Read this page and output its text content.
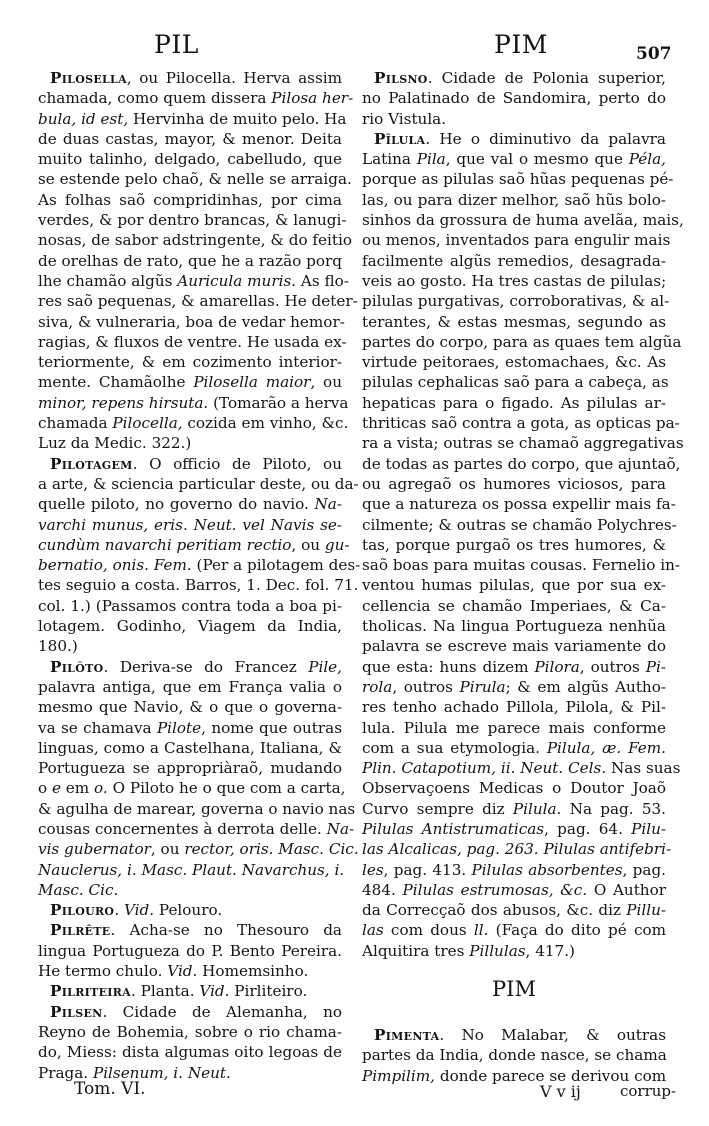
PIL	PIM	507
Pilosella, ou Pilocella. Herva assim
chamada, como quem dissera Pilosa her-
bula, id est, Hervinha de muito pelo. Ha
de duas castas, mayor, & menor. Deita
muito talinho, delgado, cabelludo, que
se estende pelo chaõ, & nelle se arraiga.
As folhas saõ compridinhas, por cima
verdes, & por dentro brancas, & lanugi-
nosas, de sabor adstringente, & do feitio
de orelhas de rato, que he a razão porq
lhe chamão algũs Auricula muris. As flo-
res saõ pequenas, & amarellas. He deter-
siva, & vulneraria, boa de vedar hemor-
ragias, & fluxos de ventre. He usada ex-
teriormente, & em cozimento interior-
mente. Chamãolhe Pilosella maior, ou
minor, repens hirsuta. (Tomarão a herva
chamada Pilocella, cozida em vinho, &c.
Luz da Medic. 322.)
Pilotagem. O officio de Piloto, ou
a arte, & sciencia particular deste, ou da-
quelle piloto, no governo do navio. Na-
varchi munus, eris. Neut. vel Navis se-
cundùm navarchi peritiam rectio, ou gu-
bernatio, onis. Fem. (Per a pilotagem des-
tes seguio a costa. Barros, 1. Dec. fol. 71.
col. 1.) (Passamos contra toda a boa pi-
lotagem. Godinho, Viagem da India,
180.)
Pilôto. Deriva-se do Francez Pile,
palavra antiga, que em França valia o
mesmo que Navio, & o que o governa-
va se chamava Pilote, nome que outras
linguas, como a Castelhana, Italiana, &
Portugueza se appropriàraõ, mudando
o e em o. O Piloto he o que com a carta,
& agulha de marear, governa o navio nas
cousas concernentes à derrota delle. Na-
vis gubernator, ou rector, oris. Masc. Cic.
Nauclerus, i. Masc. Plaut. Navarchus, i.
Masc. Cic.
Pilouro. Vid. Pelouro.
Pilrête. Acha-se no Thesouro da
lingua Portugueza do P. Bento Pereira.
He termo chulo. Vid. Homemsinho.
Pilriteira. Planta. Vid. Pirliteiro.
Pilsen. Cidade de Alemanha, no
Reyno de Bohemia, sobre o rio chama-
do, Miess: dista algumas oito legoas de
Praga. Pilsenum, i. Neut.
Pilsno. Cidade de Polonia superior,
no Palatinado de Sandomira, perto do
rio Vistula.
Pîlula. He o diminutivo da palavra
Latina Pila, que val o mesmo que Péla,
porque as pilulas saõ hũas pequenas pé-
las, ou para dizer melhor, saõ hũs bolo-
sinhos da grossura de huma avelãa, mais,
ou menos, inventados para engulir mais
facilmente algũs remedios, desagrada-
veis ao gosto. Ha tres castas de pilulas;
pilulas purgativas, corroborativas, & al-
terantes, & estas mesmas, segundo as
partes do corpo, para as quaes tem algũa
virtude peitoraes, estomachaes, &c. As
pilulas cephalicas saõ para a cabeça, as
hepaticas para o figado. As pilulas ar-
thriticas saõ contra a gota, as opticas pa-
ra a vista; outras se chamaõ aggregativas
de todas as partes do corpo, que ajuntaõ,
ou agregaõ os humores viciosos, para
que a natureza os possa expellir mais fa-
cilmente; & outras se chamão Polychres-
tas, porque purgaõ os tres humores, &
saõ boas para muitas cousas. Fernelio in-
ventou humas pilulas, que por sua ex-
cellencia se chamão Imperiaes, & Ca-
tholicas. Na lingua Portugueza nenhũa
palavra se escreve mais variamente do
que esta: huns dizem Pilora, outros Pi-
rola, outros Pirula; & em algũs Autho-
res tenho achado Pillola, Pilola, & Pil-
lula. Pilula me parece mais conforme
com a sua etymologia. Pilula, æ. Fem.
Plin. Catapotium, ii. Neut. Cels. Nas suas
Observaçoens Medicas o Doutor Joaõ
Curvo sempre diz Pilula. Na pag. 53.
Pilulas Antistrumaticas, pag. 64. Pilu-
las Alcalicas, pag. 263. Pilulas antifebri-
les, pag. 413. Pilulas absorbentes, pag.
484. Pilulas estrumosas, &c. O Author
da Correcçaõ dos abusos, &c. diz Pillu-
las com dous ll. (Faça do dito pé com
Alquitira tres Pillulas, 417.)
PIM
Pimenta. No Malabar, & outras
partes da India, donde nasce, se chama
Pimpilim, donde parece se derivou com
Tom. VI.	V v ij	corrup-
